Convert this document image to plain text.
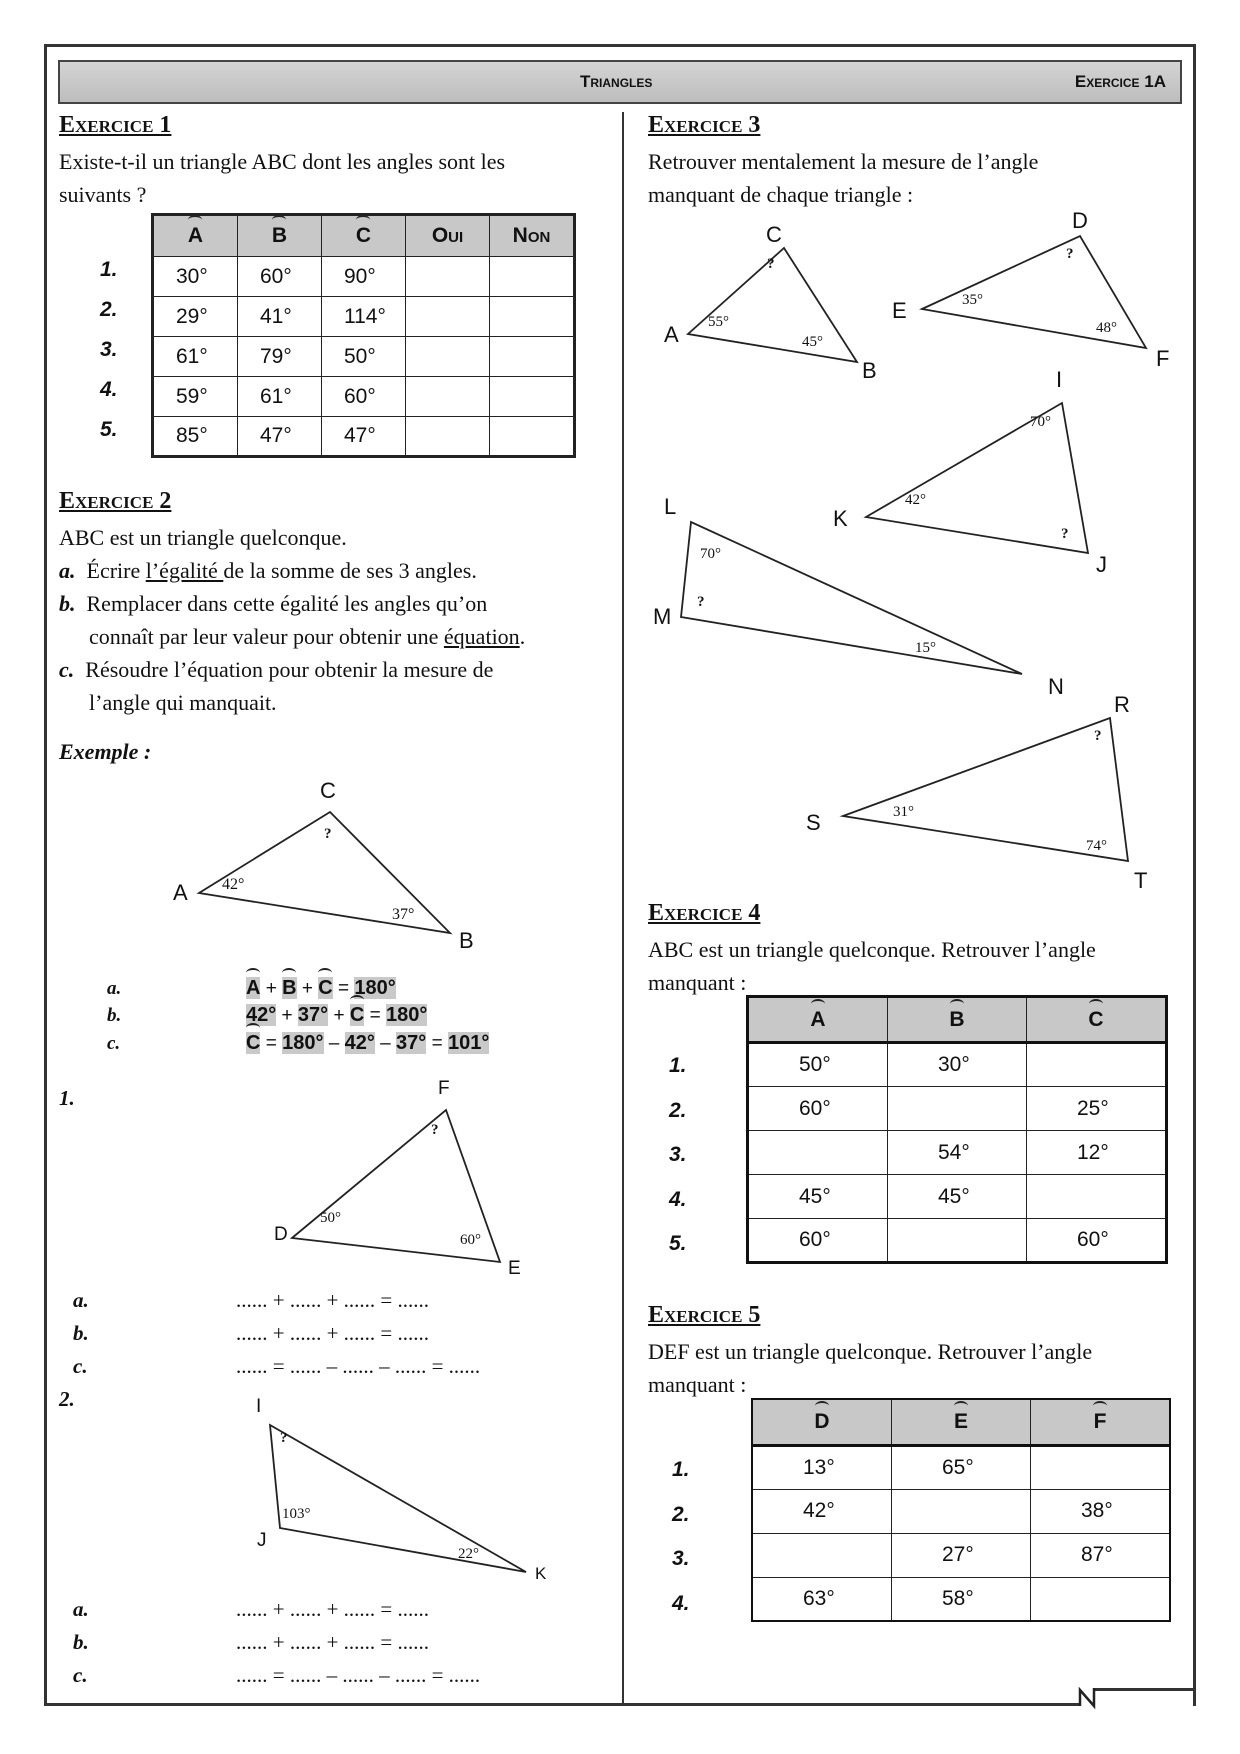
Triangles	Exercice 1A
Exercice 1
Existe-t-il un triangle ABC dont les angles sont les
suivants ?
1.
2.
3.
4.
5.
A	B	C	Oui	Non
30°	60°	90°		
29°	41°	114°		
61°	79°	50°		
59°	61°	60°		
85°	47°	47°		
Exercice 2
ABC est un triangle quelconque.
a. Écrire l’égalité de la somme de ses 3 angles.
b. Remplacer dans cette égalité les angles qu’on
connaît par leur valeur pour obtenir une équation.
c. Résoudre l’équation pour obtenir la mesure de
l’angle qui manquait.
Exemple :
A
B
C
42°
37°
?
a.
b.
c.
A + B + C = 180°
42° + 37° + C = 180°
C = 180° – 42° – 37° = 101°
1.
D
E
F
50°
60°
?
a.	...... + ...... + ...... = ......
b.	...... + ...... + ...... = ......
c.	...... = ...... – ...... – ...... = ......
2.	I
J
K
?
103°
22°
a.	...... + ...... + ...... = ......
b.	...... + ...... + ...... = ......
c.	...... = ...... – ...... – ...... = ......
Exercice 3
Retrouver mentalement la mesure de l’angle
manquant de chaque triangle :
C
A
B
55°
45°
?
D
E
F
?
35°
48°
I
J
K
70°
?
42°
L
M
N
70°
?
15°
R
S
T
?
31°
74°
Exercice 4
ABC est un triangle quelconque. Retrouver l’angle
manquant :
1.
2.
3.
4.
5.
A	B	C
50°	30°	
60°		25°
	54°	12°
45°	45°	
60°		60°
Exercice 5
DEF est un triangle quelconque. Retrouver l’angle
manquant :
1.
2.
3.
4.
D	E	F
13°	65°	
42°		38°
	27°	87°
63°	58°	
